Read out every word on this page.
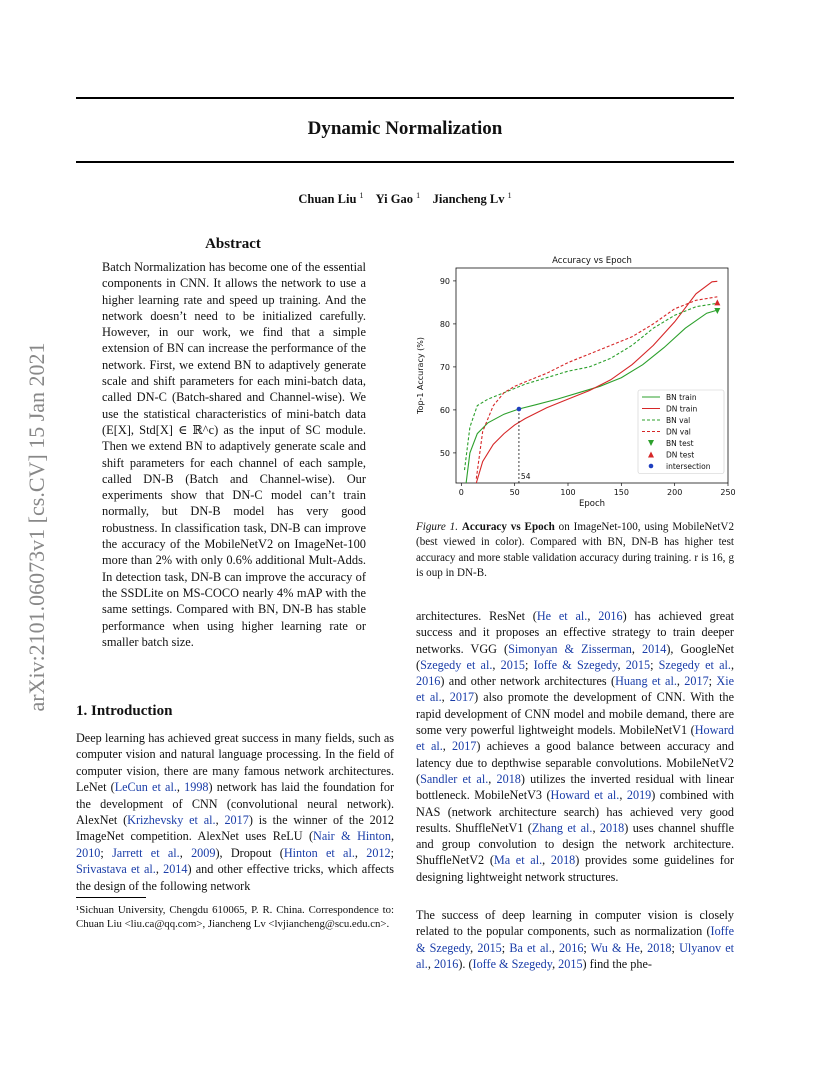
Dynamic Normalization
Chuan Liu $^1$ Yi Gao $^1$ Jiancheng Lv $^1$
arXiv:2101.06073v1 [cs.CV] 15 Jan 2021
Abstract
Batch Normalization has become one of the essential components in CNN. It allows the network to use a higher learning rate and speed up training. And the network doesn’t need to be initialized carefully. However, in our work, we find that a simple extension of BN can increase the performance of the network. First, we extend BN to adaptively generate scale and shift parameters for each mini-batch data, called DN-C (Batch-shared and Channel-wise). We use the statistical characteristics of mini-batch data (E[X], Std[X] ∈ ℝ^c) as the input of SC module. Then we extend BN to adaptively generate scale and shift parameters for each channel of each sample, called DN-B (Batch and Channel-wise). Our experiments show that DN-C model can’t train normally, but DN-B model has very good robustness. In classification task, DN-B can improve the accuracy of the MobileNetV2 on ImageNet-100 more than 2% with only 0.6% additional Mult-Adds. In detection task, DN-B can improve the accuracy of the SSDLite on MS-COCO nearly 4% mAP with the same settings. Compared with BN, DN-B has stable performance when using higher learning rate or smaller batch size.
1. Introduction
Deep learning has achieved great success in many fields, such as computer vision and natural language processing. In the field of computer vision, there are many famous network architectures. LeNet (LeCun et al., 1998) network has laid the foundation for the development of CNN (convolutional neural network). AlexNet (Krizhevsky et al., 2017) is the winner of the 2012 ImageNet competition. AlexNet uses ReLU (Nair & Hinton, 2010; Jarrett et al., 2009), Dropout (Hinton et al., 2012; Srivastava et al., 2014) and other effective tricks, which affects the design of the following network
¹Sichuan University, Chengdu 610065, P. R. China. Correspondence to: Chuan Liu <liu.ca@qq.com>, Jiancheng Lv <lvjiancheng@scu.edu.cn>.
Accuracy vs Epoch
0	50	100	150	200	250
50
60
70
80
90
Epoch
Top-1 Accuracy (%)
54
BN train
DN train
BN val
DN val
BN test
DN test
intersection
Figure 1. Accuracy vs Epoch on ImageNet-100, using MobileNetV2 (best viewed in color). Compared with BN, DN-B has higher test accuracy and more stable validation accuracy during training. r is 16, g is oup in DN-B.
architectures. ResNet (He et al., 2016) has achieved great success and it proposes an effective strategy to train deeper networks. VGG (Simonyan & Zisserman, 2014), GoogleNet (Szegedy et al., 2015; Ioffe & Szegedy, 2015; Szegedy et al., 2016) and other network architectures (Huang et al., 2017; Xie et al., 2017) also promote the development of CNN. With the rapid development of CNN model and mobile demand, there are some very powerful lightweight models. MobileNetV1 (Howard et al., 2017) achieves a good balance between accuracy and latency due to depthwise separable convolutions. MobileNetV2 (Sandler et al., 2018) utilizes the inverted residual with linear bottleneck. MobileNetV3 (Howard et al., 2019) combined with NAS (network architecture search) has achieved very good results. ShuffleNetV1 (Zhang et al., 2018) uses channel shuffle and group convolution to design the network architecture. ShuffleNetV2 (Ma et al., 2018) provides some guidelines for designing lightweight network structures.
The success of deep learning in computer vision is closely related to the popular components, such as normalization (Ioffe & Szegedy, 2015; Ba et al., 2016; Wu & He, 2018; Ulyanov et al., 2016). (Ioffe & Szegedy, 2015) find the phe-
